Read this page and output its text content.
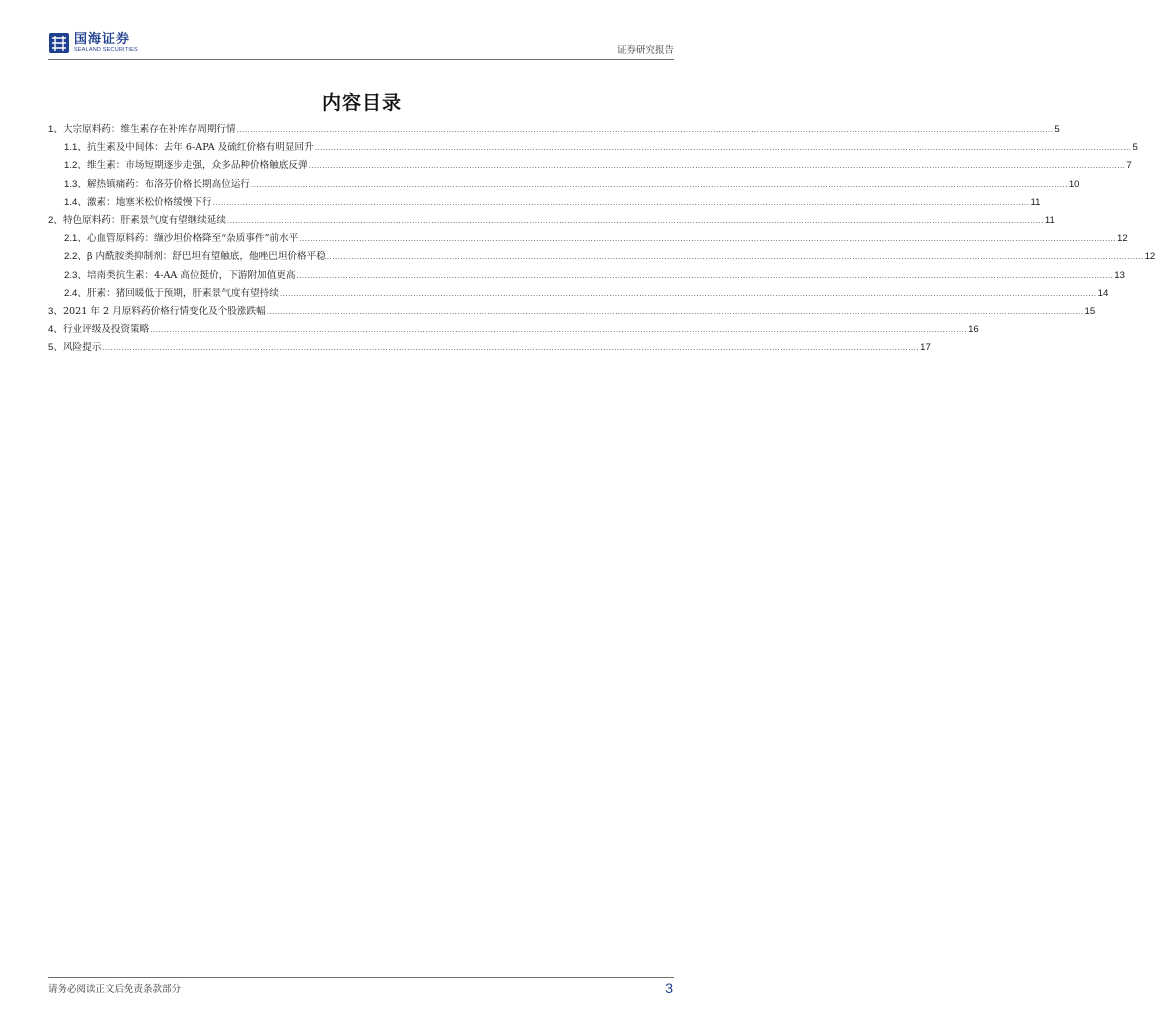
国海证券
SEALAND SECURITIES	证券研究报告
内容目录
1、 大宗原料药：维生素存在补库存周期行情 ............................................................................................................................................................................................................................................................................................................ 5
1.1、 抗生素及中间体：去年 6-APA 及硫红价格有明显回升 ............................................................................................................................................................................................................................................................................................................ 5
1.2、 维生素：市场短期逐步走强，众多品种价格触底反弹 ............................................................................................................................................................................................................................................................................................................ 7
1.3、 解热镇痛药：布洛芬价格长期高位运行 ............................................................................................................................................................................................................................................................................................................ 10
1.4、 激素：地塞米松价格缓慢下行 ............................................................................................................................................................................................................................................................................................................ 11
2、 特色原料药：肝素景气度有望继续延续 ............................................................................................................................................................................................................................................................................................................ 11
2.1、 心血管原料药：缬沙坦价格降至“杂质事件”前水平 ............................................................................................................................................................................................................................................................................................................ 12
2.2、 β 内酰胺类抑制剂：舒巴坦有望触底，他唑巴坦价格平稳 ............................................................................................................................................................................................................................................................................................................ 12
2.3、 培南类抗生素：4-AA 高位挺价，下游附加值更高 ............................................................................................................................................................................................................................................................................................................ 13
2.4、 肝素：猪回暖低于预期，肝素景气度有望持续 ............................................................................................................................................................................................................................................................................................................ 14
3、 2021 年 2 月原料药价格行情变化及个股涨跌幅 ............................................................................................................................................................................................................................................................................................................ 15
4、 行业评级及投资策略 ............................................................................................................................................................................................................................................................................................................ 16
5、 风险提示 ............................................................................................................................................................................................................................................................................................................ 17
请务必阅读正文后免责条款部分	3
